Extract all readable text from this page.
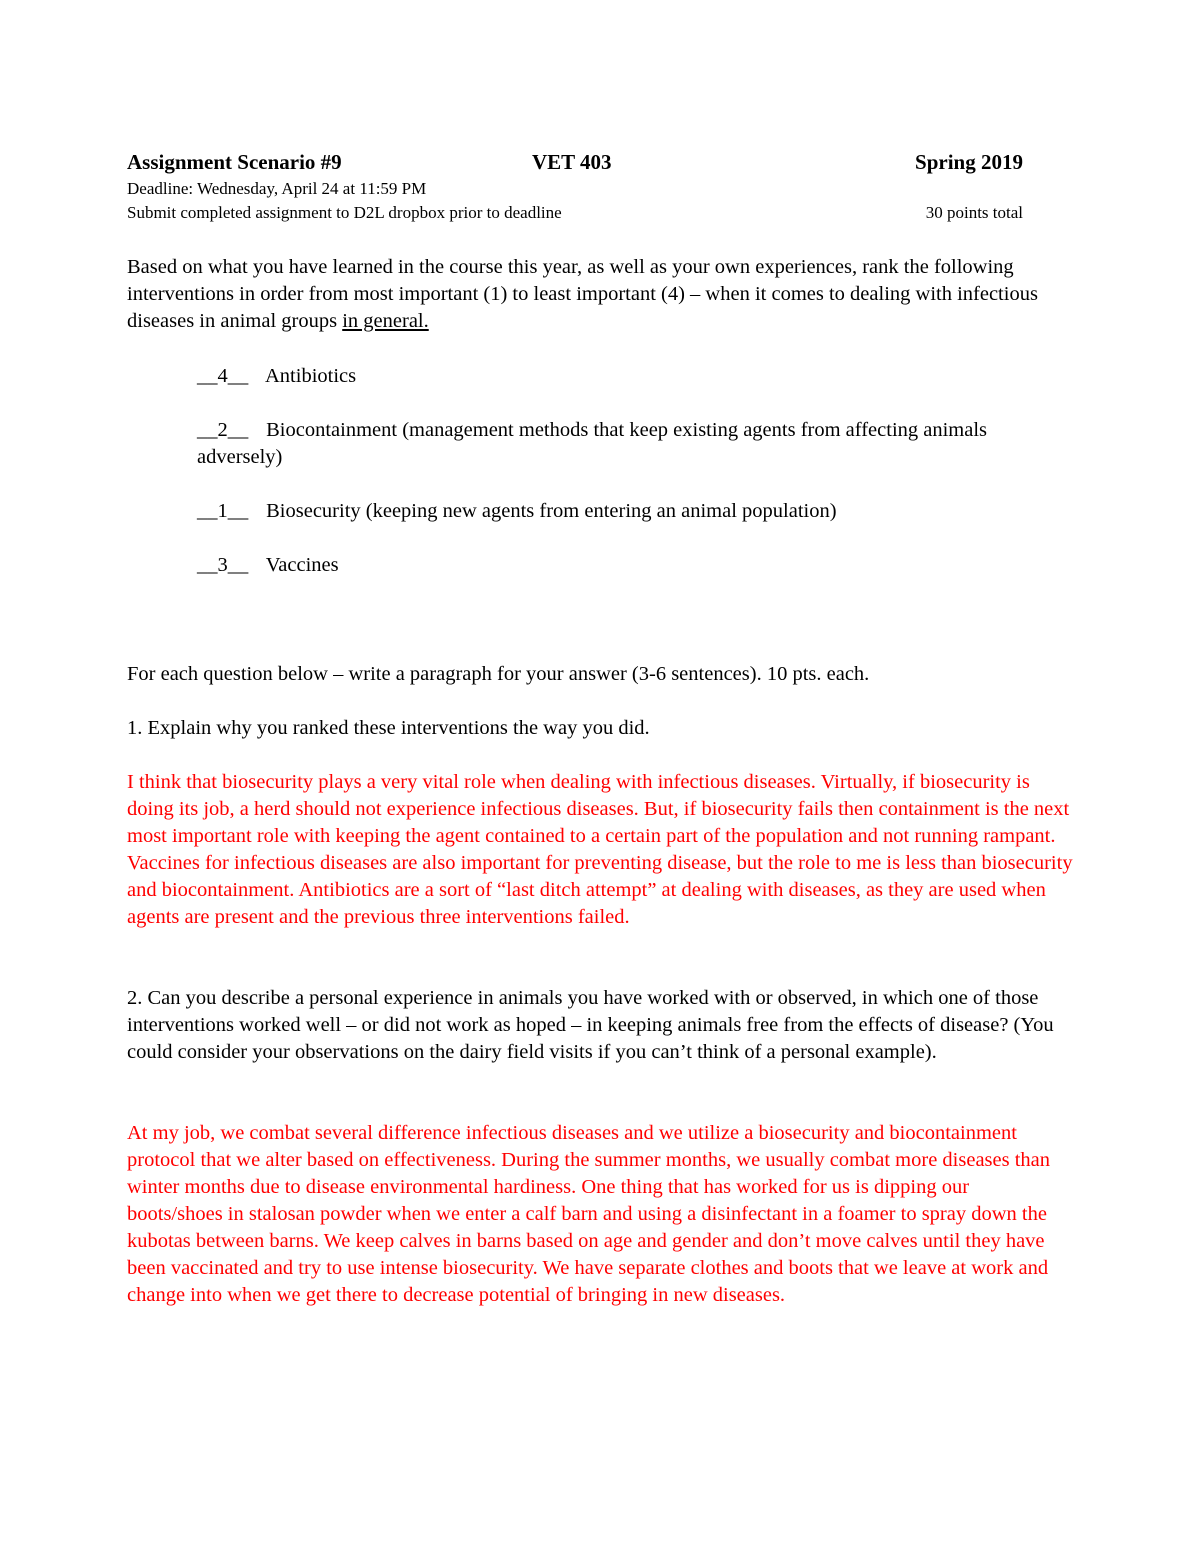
Assignment Scenario #9	VET 403	Spring 2019
Deadline: Wednesday, April 24 at 11:59 PM
Submit completed assignment to D2L dropbox prior to deadline	30 points total

Based on what you have learned in the course this year, as well as your own experiences, rank the following interventions in order from most important (1) to least important (4) – when it comes to dealing with infectious diseases in animal groups in general.

__4__ Antibiotics
__2__ Biocontainment (management methods that keep existing agents from affecting animals adversely)
__1__ Biosecurity (keeping new agents from entering an animal population)
__3__ Vaccines

For each question below – write a paragraph for your answer (3-6 sentences). 10 pts. each.

1. Explain why you ranked these interventions the way you did.

I think that biosecurity plays a very vital role when dealing with infectious diseases. Virtually, if biosecurity is doing its job, a herd should not experience infectious diseases. But, if biosecurity fails then containment is the next most important role with keeping the agent contained to a certain part of the population and not running rampant. Vaccines for infectious diseases are also important for preventing disease, but the role to me is less than biosecurity and biocontainment. Antibiotics are a sort of “last ditch attempt” at dealing with diseases, as they are used when agents are present and the previous three interventions failed.

2. Can you describe a personal experience in animals you have worked with or observed, in which one of those interventions worked well – or did not work as hoped – in keeping animals free from the effects of disease? (You could consider your observations on the dairy field visits if you can’t think of a personal example).

At my job, we combat several difference infectious diseases and we utilize a biosecurity and biocontainment protocol that we alter based on effectiveness. During the summer months, we usually combat more diseases than winter months due to disease environmental hardiness. One thing that has worked for us is dipping our boots/shoes in stalosan powder when we enter a calf barn and using a disinfectant in a foamer to spray down the kubotas between barns. We keep calves in barns based on age and gender and don’t move calves until they have been vaccinated and try to use intense biosecurity. We have separate clothes and boots that we leave at work and change into when we get there to decrease potential of bringing in new diseases.
